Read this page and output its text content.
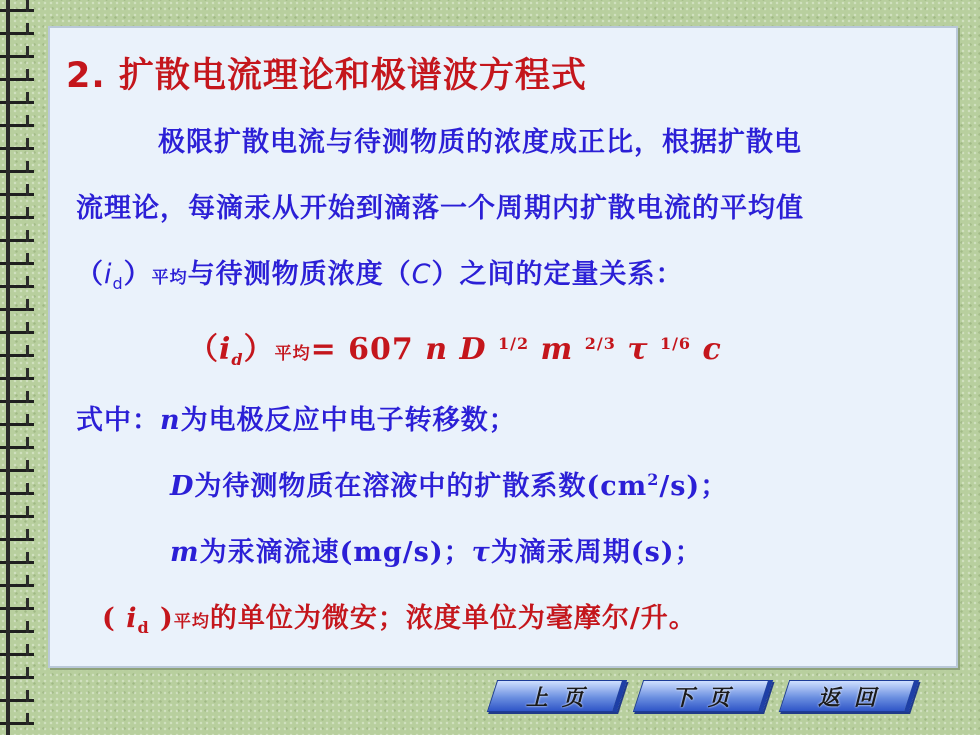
2. 扩散电流理论和极谱波方程式
极限扩散电流与待测物质的浓度成正比，根据扩散电
流理论，每滴汞从开始到滴落一个周期内扩散电流的平均值
$(i_d)$平均与待测物质浓度（C）之间的定量关系：
$(i_d)$平均= 607 n D $^{1/2}$ m $^{2/3}$ τ $^{1/6}$ c
式中：n为电极反应中电子转移数；
D为待测物质在溶液中的扩散系数$(cm^2/s)$；
m为汞滴流速(mg/s)；τ为滴汞周期(s)；
( $i_d$ )平均的单位为微安；浓度单位为毫摩尔/升。
上页	下页	返回
